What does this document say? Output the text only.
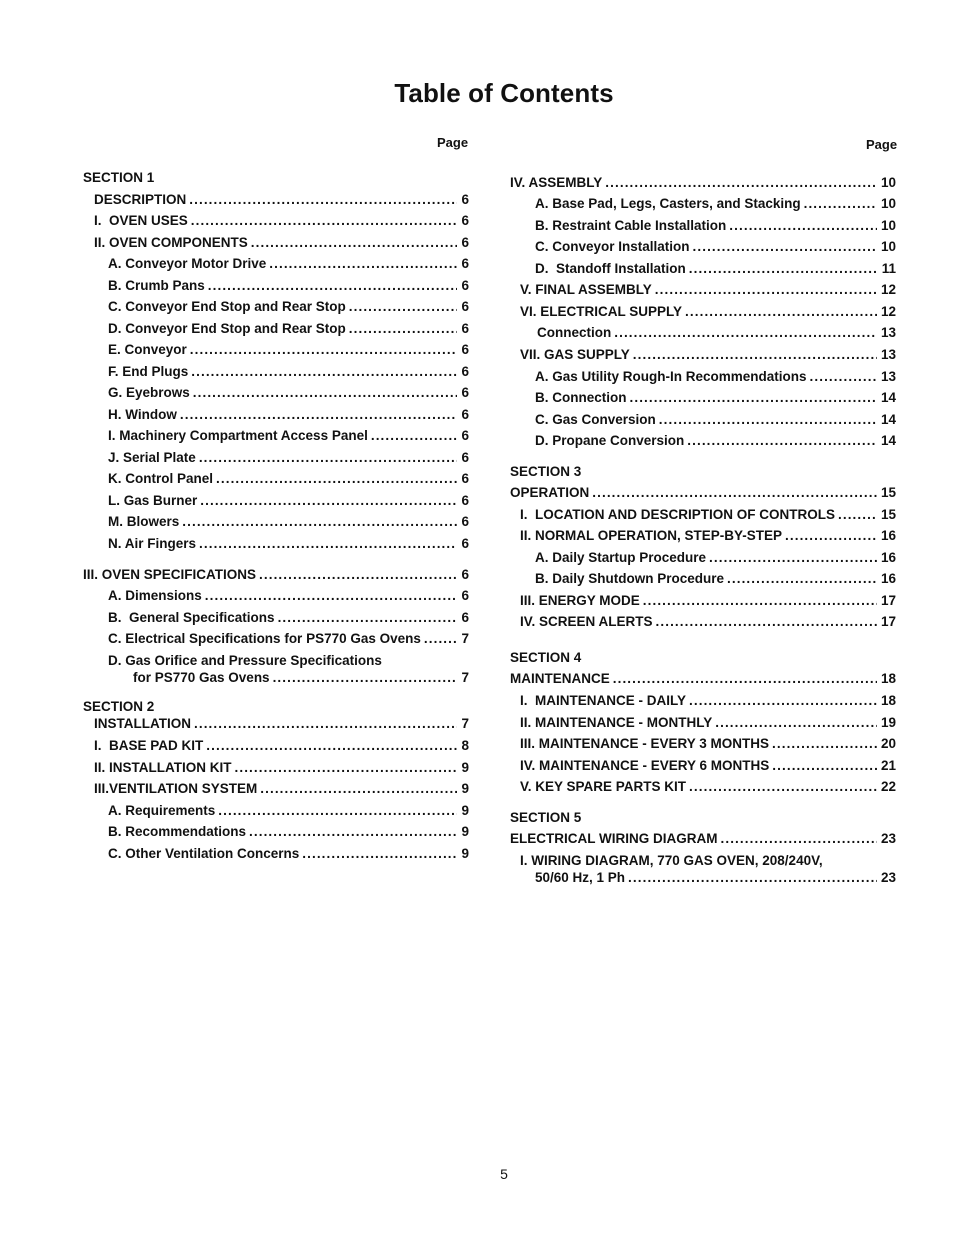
Table of Contents
Page	Page
SECTION 1
DESCRIPTION .....	6
I.  OVEN USES .....	6
II. OVEN COMPONENTS .....	6
A. Conveyor Motor Drive .....	6
B. Crumb Pans .....	6
C. Conveyor End Stop and Rear Stop .....	6
D. Conveyor End Stop and Rear Stop .....	6
E. Conveyor .....	6
F. End Plugs .....	6
G. Eyebrows .....	6
H. Window .....	6
I. Machinery Compartment Access Panel .....	6
J. Serial Plate .....	6
K. Control Panel .....	6
L. Gas Burner .....	6
M. Blowers .....	6
N. Air Fingers .....	6
III. OVEN SPECIFICATIONS .....	6
A. Dimensions .....	6
B.  General Specifications .....	6
C. Electrical Specifications for PS770 Gas Ovens .....	7
D. Gas Orifice and Pressure Specifications
for PS770 Gas Ovens .....	7
SECTION 2
INSTALLATION .....	7
I.  BASE PAD KIT .....	8
II. INSTALLATION KIT .....	9
III.VENTILATION SYSTEM .....	9
A. Requirements .....	9
B. Recommendations .....	9
C. Other Ventilation Concerns .....	9
IV. ASSEMBLY .....	10
A. Base Pad, Legs, Casters, and Stacking .....	10
B. Restraint Cable Installation .....	10
C. Conveyor Installation .....	10
D.  Standoff Installation .....	11
V. FINAL ASSEMBLY .....	12
VI. ELECTRICAL SUPPLY .....	12
Connection .....	13
VII. GAS SUPPLY .....	13
A. Gas Utility Rough-In Recommendations .....	13
B. Connection .....	14
C. Gas Conversion .....	14
D. Propane Conversion .....	14
SECTION 3
OPERATION .....	15
I.  LOCATION AND DESCRIPTION OF CONTROLS .....	15
II. NORMAL OPERATION, STEP-BY-STEP .....	16
A. Daily Startup Procedure .....	16
B. Daily Shutdown Procedure .....	16
III. ENERGY MODE .....	17
IV. SCREEN ALERTS .....	17
SECTION 4
MAINTENANCE .....	18
I.  MAINTENANCE - DAILY .....	18
II. MAINTENANCE - MONTHLY .....	19
III. MAINTENANCE - EVERY 3 MONTHS .....	20
IV. MAINTENANCE - EVERY 6 MONTHS .....	21
V. KEY SPARE PARTS KIT .....	22
SECTION 5
ELECTRICAL WIRING DIAGRAM .....	23
I. WIRING DIAGRAM, 770 GAS OVEN, 208/240V,
50/60 Hz, 1 Ph .....	23
5
